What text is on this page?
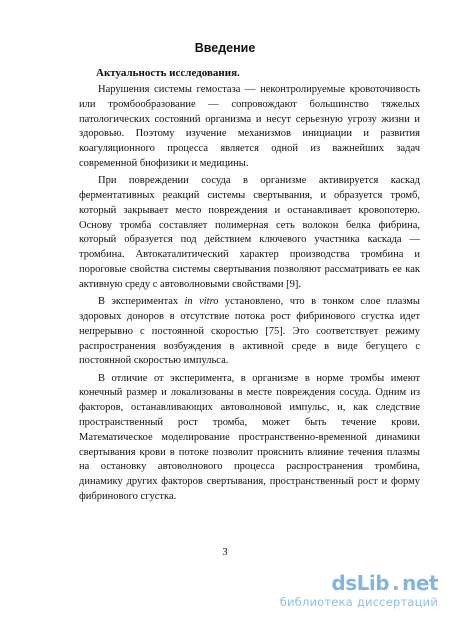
Введение
Актуальность исследования.

Нарушения системы гемостаза — неконтролируемые кровоточивость или тромбообразование — сопровождают большинство тяжелых патологических состояний организма и несут серьезную угрозу жизни и здоровью. Поэтому изучение механизмов инициации и развития коагуляционного процесса является одной из важнейших задач современной биофизики и медицины.

При повреждении сосуда в организме активируется каскад ферментативных реакций системы свертывания, и образуется тромб, который закрывает место повреждения и останавливает кровопотерю. Основу тромба составляет полимерная сеть волокон белка фибрина, который образуется под действием ключевого участника каскада — тромбина. Автокаталитический характер производства тромбина и пороговые свойства системы свертывания позволяют рассматривать ее как активную среду с автоволновыми свойствами [9].

В экспериментах in vitro установлено, что в тонком слое плазмы здоровых доноров в отсутствие потока рост фибринового сгустка идет непрерывно с постоянной скоростью [75]. Это соответствует режиму распространения возбуждения в активной среде в виде бегущего с постоянной скоростью импульса.

В отличие от эксперимента, в организме в норме тромбы имеют конечный размер и локализованы в месте повреждения сосуда. Одним из факторов, останавливающих автоволновой импульс, и, как следствие пространственный рост тромба, может быть течение крови. Математическое моделирование пространственно-временной динамики свертывания крови в потоке позволит прояснить влияние течения плазмы на остановку автоволнового процесса распространения тромбина, динамику других факторов свертывания, пространственный рост и форму фибринового сгустка.

3
dsLib . net
библиотека диссертаций
